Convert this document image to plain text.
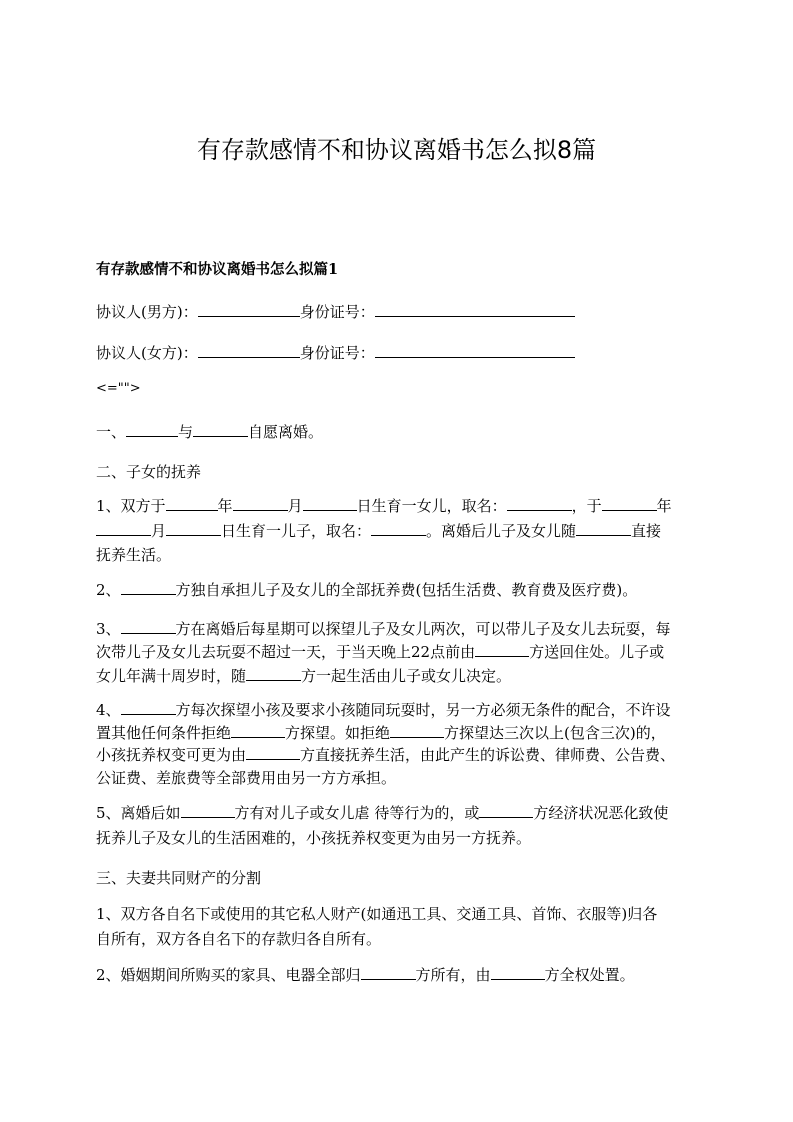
有存款感情不和协议离婚书怎么拟8篇
有存款感情不和协议离婚书怎么拟篇1
协议人(男方)：	身份证号：
协议人(女方)：	身份证号：
<="">
一、	与	自愿离婚。
二、子女的抚养
1、双方于	年	月	日生育一女儿，取名：	，于	年
月	日生育一儿子，取名：	。离婚后儿子及女儿随	直接
抚养生活。
2、	方独自承担儿子及女儿的全部抚养费(包括生活费、教育费及医疗费)。
3、	方在离婚后每星期可以探望儿子及女儿两次，可以带儿子及女儿去玩耍，每
次带儿子及女儿去玩耍不超过一天，于当天晚上22点前由	方送回住处。儿子或
女儿年满十周岁时，随	方一起生活由儿子或女儿决定。
4、	方每次探望小孩及要求小孩随同玩耍时，另一方必须无条件的配合，不许设
置其他任何条件拒绝	方探望。如拒绝	方探望达三次以上(包含三次)的，
小孩抚养权变可更为由	方直接抚养生活，由此产生的诉讼费、律师费、公告费、
公证费、差旅费等全部费用由另一方方承担。
5、离婚后如	方有对儿子或女儿虐 待等行为的，或	方经济状况恶化致使
抚养儿子及女儿的生活困难的，小孩抚养权变更为由另一方抚养。
三、夫妻共同财产的分割
1、双方各自名下或使用的其它私人财产(如通迅工具、交通工具、首饰、衣服等)归各
自所有，双方各自名下的存款归各自所有。
2、婚姻期间所购买的家具、电器全部归	方所有，由	方全权处置。
